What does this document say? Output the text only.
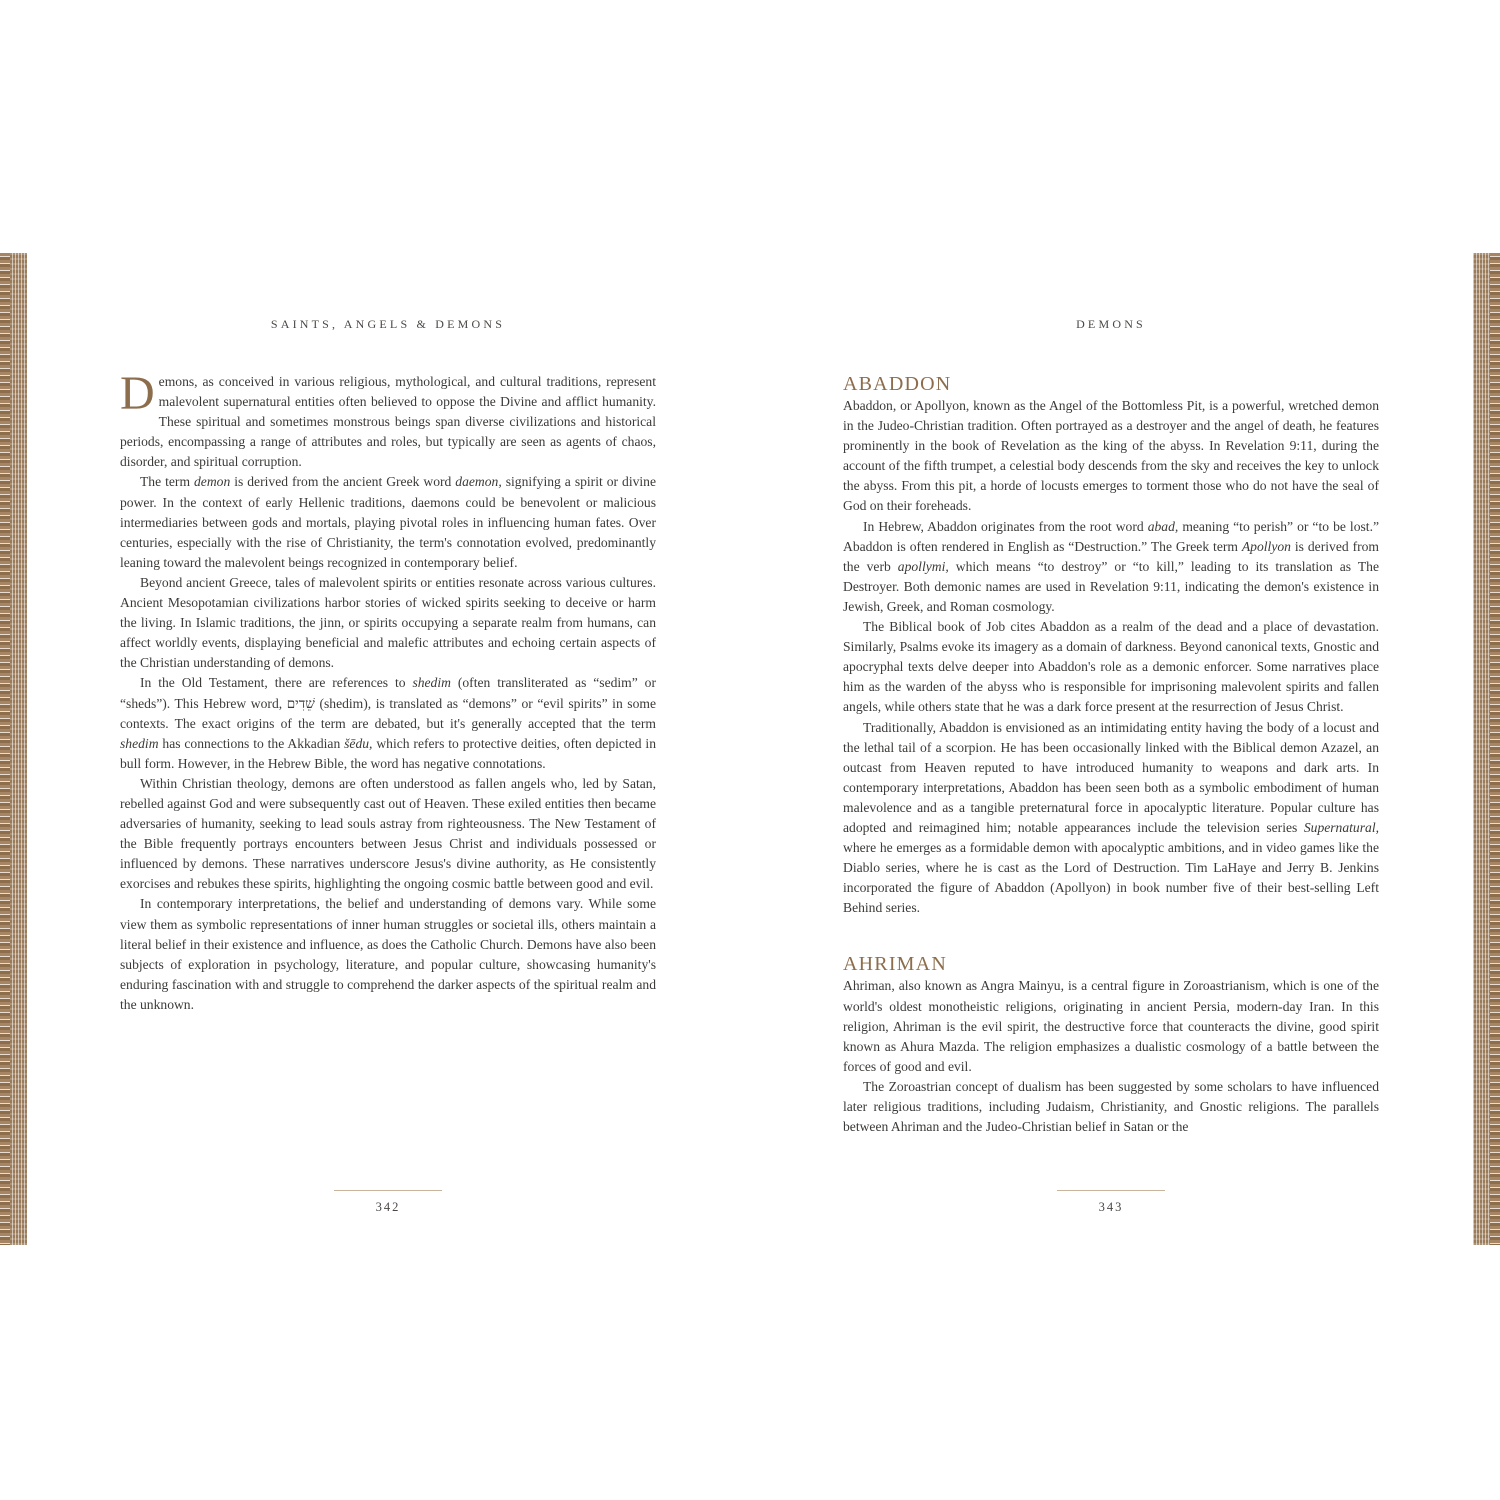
SAINTS, ANGELS & DEMONS	DEMONS

Demons, as conceived in various religious, mythological, and cultural traditions, represent malevolent supernatural entities often believed to oppose the Divine and afflict humanity. These spiritual and sometimes monstrous beings span diverse civilizations and historical periods, encompassing a range of attributes and roles, but typically are seen as agents of chaos, disorder, and spiritual corruption.

The term demon is derived from the ancient Greek word daemon, signifying a spirit or divine power. In the context of early Hellenic traditions, daemons could be benevolent or malicious intermediaries between gods and mortals, playing pivotal roles in influencing human fates. Over centuries, especially with the rise of Christianity, the term's connotation evolved, predominantly leaning toward the malevolent beings recognized in contemporary belief.

Beyond ancient Greece, tales of malevolent spirits or entities resonate across various cultures. Ancient Mesopotamian civilizations harbor stories of wicked spirits seeking to deceive or harm the living. In Islamic traditions, the jinn, or spirits occupying a separate realm from humans, can affect worldly events, displaying beneficial and malefic attributes and echoing certain aspects of the Christian understanding of demons.

In the Old Testament, there are references to shedim (often transliterated as “sedim” or “sheds”). This Hebrew word, שֵׁדִים (shedim), is translated as “demons” or “evil spirits” in some contexts. The exact origins of the term are debated, but it's generally accepted that the term shedim has connections to the Akkadian šēdu, which refers to protective deities, often depicted in bull form. However, in the Hebrew Bible, the word has negative connotations.

Within Christian theology, demons are often understood as fallen angels who, led by Satan, rebelled against God and were subsequently cast out of Heaven. These exiled entities then became adversaries of humanity, seeking to lead souls astray from righteousness. The New Testament of the Bible frequently portrays encounters between Jesus Christ and individuals possessed or influenced by demons. These narratives underscore Jesus's divine authority, as He consistently exorcises and rebukes these spirits, highlighting the ongoing cosmic battle between good and evil.

In contemporary interpretations, the belief and understanding of demons vary. While some view them as symbolic representations of inner human struggles or societal ills, others maintain a literal belief in their existence and influence, as does the Catholic Church. Demons have also been subjects of exploration in psychology, literature, and popular culture, showcasing humanity's enduring fascination with and struggle to comprehend the darker aspects of the spiritual realm and the unknown.

ABADDON

Abaddon, or Apollyon, known as the Angel of the Bottomless Pit, is a powerful, wretched demon in the Judeo-Christian tradition. Often portrayed as a destroyer and the angel of death, he features prominently in the book of Revelation as the king of the abyss. In Revelation 9:11, during the account of the fifth trumpet, a celestial body descends from the sky and receives the key to unlock the abyss. From this pit, a horde of locusts emerges to torment those who do not have the seal of God on their foreheads.

In Hebrew, Abaddon originates from the root word abad, meaning “to perish” or “to be lost.” Abaddon is often rendered in English as “Destruction.” The Greek term Apollyon is derived from the verb apollymi, which means “to destroy” or “to kill,” leading to its translation as The Destroyer. Both demonic names are used in Revelation 9:11, indicating the demon's existence in Jewish, Greek, and Roman cosmology.

The Biblical book of Job cites Abaddon as a realm of the dead and a place of devastation. Similarly, Psalms evoke its imagery as a domain of darkness. Beyond canonical texts, Gnostic and apocryphal texts delve deeper into Abaddon's role as a demonic enforcer. Some narratives place him as the warden of the abyss who is responsible for imprisoning malevolent spirits and fallen angels, while others state that he was a dark force present at the resurrection of Jesus Christ.

Traditionally, Abaddon is envisioned as an intimidating entity having the body of a locust and the lethal tail of a scorpion. He has been occasionally linked with the Biblical demon Azazel, an outcast from Heaven reputed to have introduced humanity to weapons and dark arts. In contemporary interpretations, Abaddon has been seen both as a symbolic embodiment of human malevolence and as a tangible preternatural force in apocalyptic literature. Popular culture has adopted and reimagined him; notable appearances include the television series Supernatural, where he emerges as a formidable demon with apocalyptic ambitions, and in video games like the Diablo series, where he is cast as the Lord of Destruction. Tim LaHaye and Jerry B. Jenkins incorporated the figure of Abaddon (Apollyon) in book number five of their best-selling Left Behind series.

AHRIMAN

Ahriman, also known as Angra Mainyu, is a central figure in Zoroastrianism, which is one of the world's oldest monotheistic religions, originating in ancient Persia, modern-day Iran. In this religion, Ahriman is the evil spirit, the destructive force that counteracts the divine, good spirit known as Ahura Mazda. The religion emphasizes a dualistic cosmology of a battle between the forces of good and evil.

The Zoroastrian concept of dualism has been suggested by some scholars to have influenced later religious traditions, including Judaism, Christianity, and Gnostic religions. The parallels between Ahriman and the Judeo-Christian belief in Satan or the

342	343
